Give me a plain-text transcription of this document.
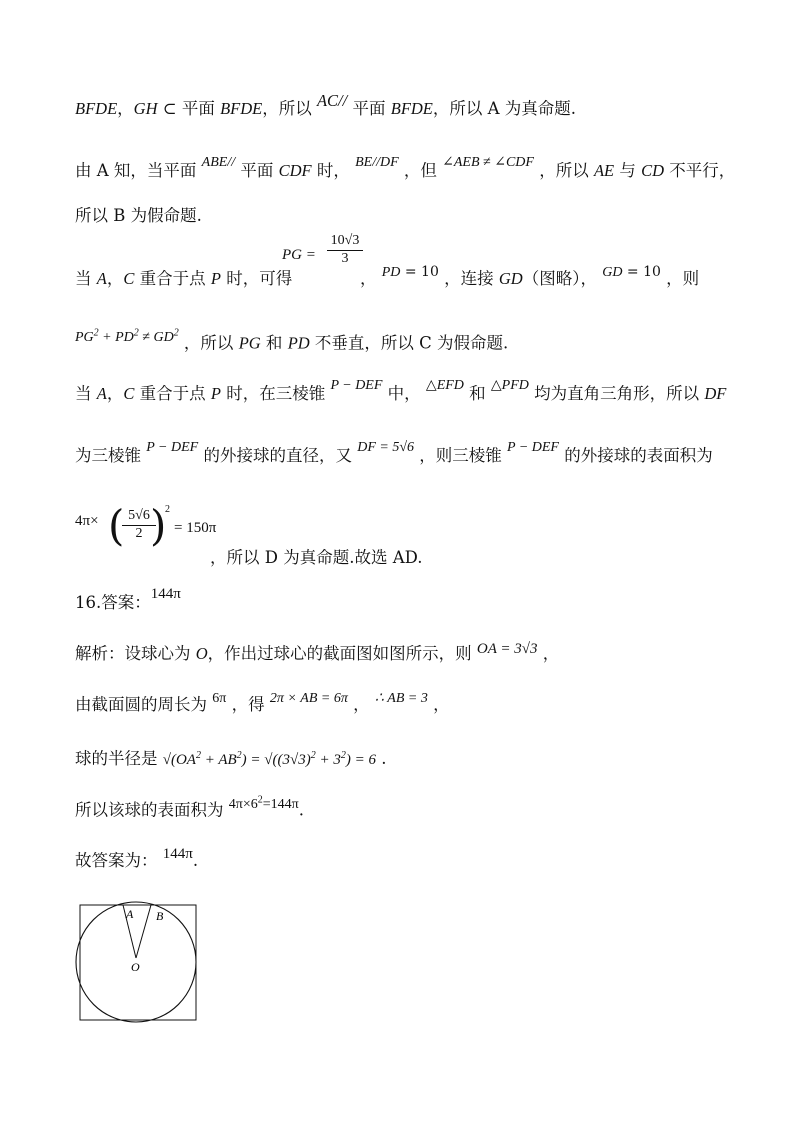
BFDE，GH ⊂ 平面 BFDE，所以 AC// 平面 BFDE，所以 A 为真命题.
由 A 知，当平面 $^{ABE//}$ 平面 CDF 时， $^{BE//DF}$ ，但 $^{\angle AEB \ne \angle CDF}$ ，所以 AE 与 CD 不平行，
所以 B 为假命题.
当 A，C 重合于点 P 时，可得
PG = $\frac{10√3}{3}$
， $^{PD}$ $^{= 10}$ ，连接 GD（图略）， $^{GD}$ $^{= 10}$ ，则
$^{PG^2 + PD^2 \ne GD^2}$ ，所以 PG 和 PD 不垂直，所以 C 为假命题.
当 A，C 重合于点 P 时，在三棱锥 $^{P - DEF}$ 中， $^{\triangle EFD}$ 和 $^{\triangle PFD}$ 均为直角三角形，所以 DF
为三棱锥 $^{P - DEF}$ 的外接球的直径，又 $^{DF = 5√6}$ ，则三棱锥 $^{P - DEF}$ 的外接球的表面积为
4π× (
$\frac{5√6}{2}$
)
2
= 150π
，所以 D 为真命题.故选 AD.
16.答案：144π
解析：设球心为 O，作出过球心的截面图如图所示，则 OA = 3√3 ，
由截面圆的周长为 $^{6\pi}$ ，得 $^{2\pi \times AB = 6\pi}$ ， $^{\therefore AB = 3}$ ，
球的半径是 $√(OA^2 + AB^2) = √((3√3)^2 + 3^2) = 6$ .
所以该球的表面积为 $^{4\pi\times 6^2=144\pi}$.
故答案为： 144π.
A B
O
